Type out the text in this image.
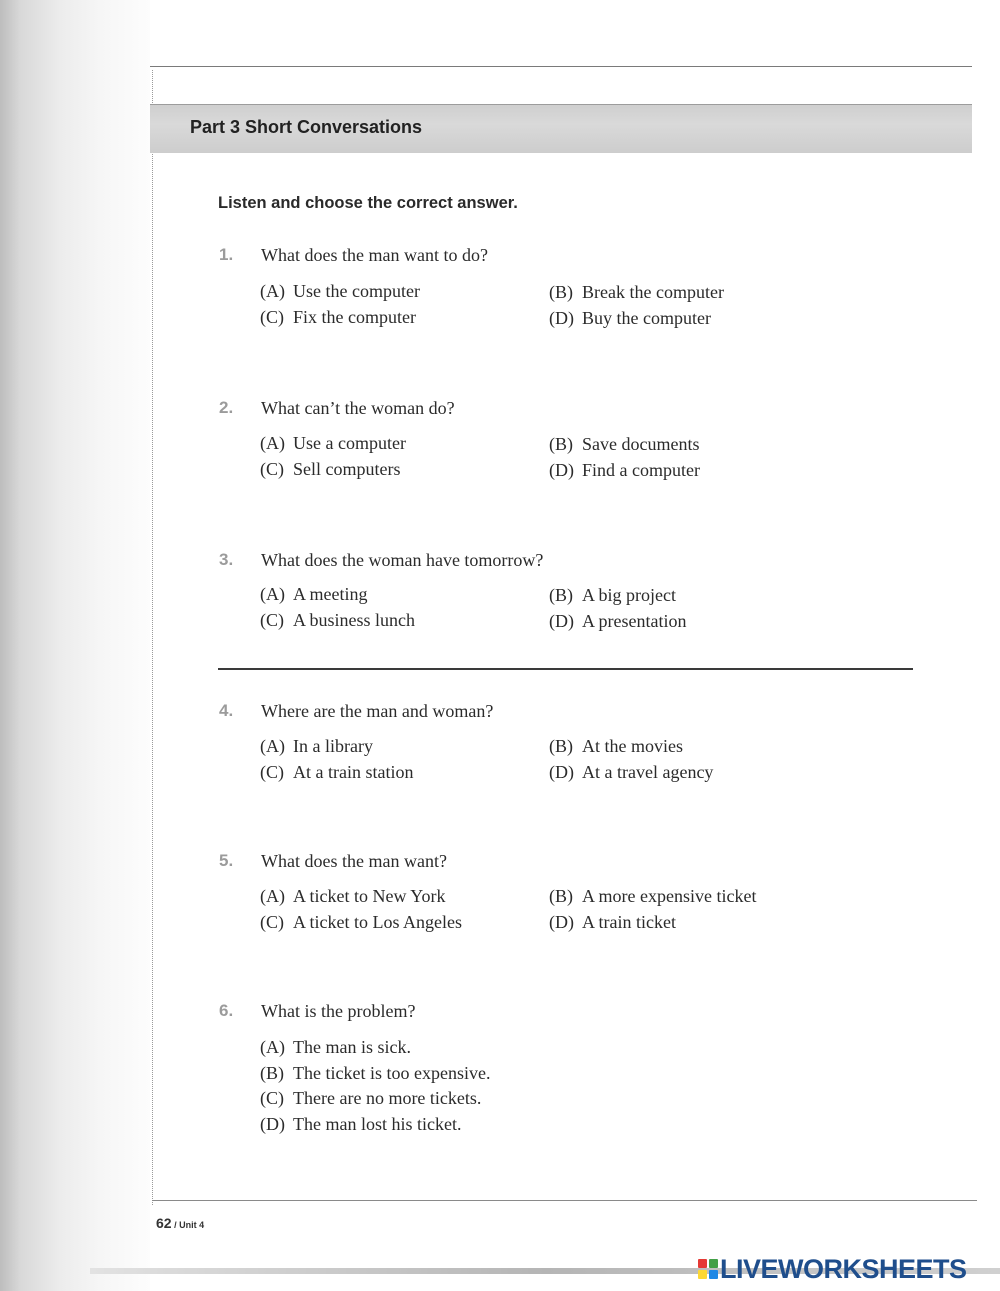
Part 3 Short Conversations
Listen and choose the correct answer.
1. What does the man want to do?
(A) Use the computer	(B) Break the computer
(C) Fix the computer	(D) Buy the computer
2. What can’t the woman do?
(A) Use a computer	(B) Save documents
(C) Sell computers	(D) Find a computer
3. What does the woman have tomorrow?
(A) A meeting	(B) A big project
(C) A business lunch	(D) A presentation
4. Where are the man and woman?
(A) In a library	(B) At the movies
(C) At a train station	(D) At a travel agency
5. What does the man want?
(A) A ticket to New York	(B) A more expensive ticket
(C) A ticket to Los Angeles	(D) A train ticket
6. What is the problem?
(A) The man is sick.
(B) The ticket is too expensive.
(C) There are no more tickets.
(D) The man lost his ticket.
62 / Unit 4
LIVEWORKSHEETS
